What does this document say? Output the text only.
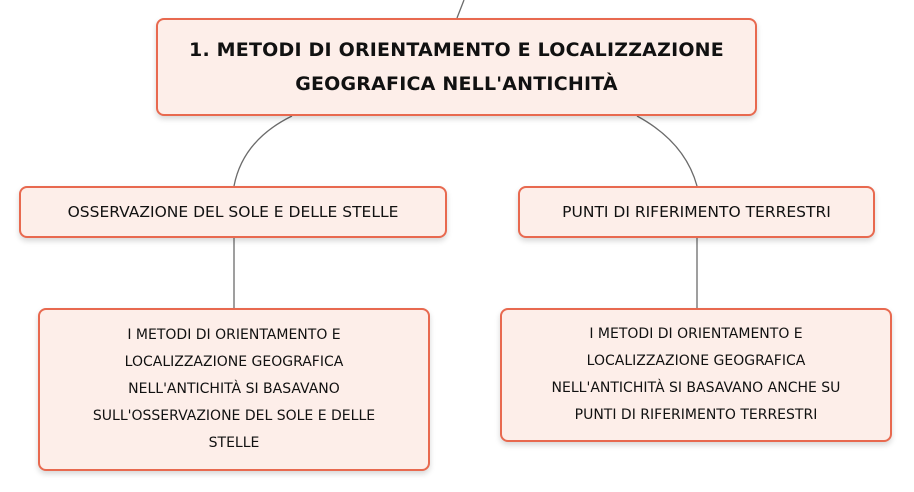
1. METODI DI ORIENTAMENTO E LOCALIZZAZIONE
GEOGRAFICA NELL'ANTICHITÀ
OSSERVAZIONE DEL SOLE E DELLE STELLE	PUNTI DI RIFERIMENTO TERRESTRI
I METODI DI ORIENTAMENTO E
LOCALIZZAZIONE GEOGRAFICA
NELL'ANTICHITÀ SI BASAVANO
SULL'OSSERVAZIONE DEL SOLE E DELLE
STELLE
I METODI DI ORIENTAMENTO E
LOCALIZZAZIONE GEOGRAFICA
NELL'ANTICHITÀ SI BASAVANO ANCHE SU
PUNTI DI RIFERIMENTO TERRESTRI
